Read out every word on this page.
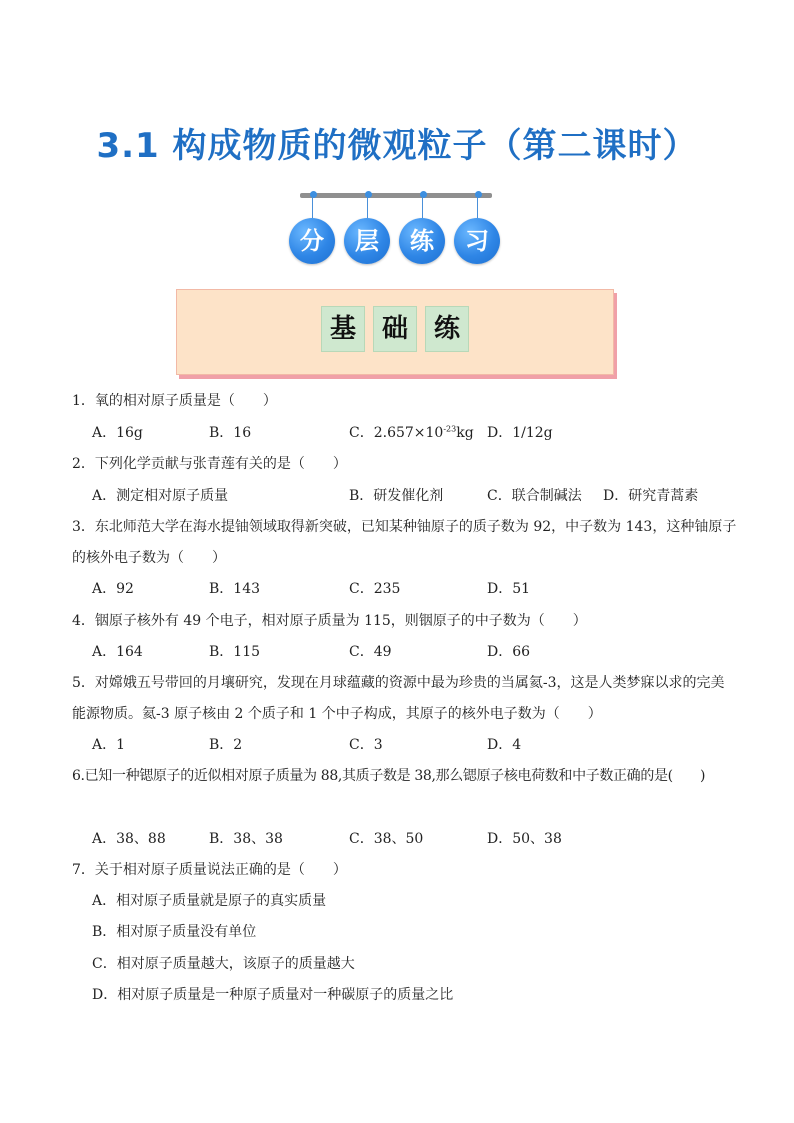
3.1 构成物质的微观粒子（第二课时）
分	层	练	习
基 础 练
1．氧的相对原子质量是（　　）
A．16g	B．16	C．$2.657\times 10^{-23}kg$ D．1/12g
2．下列化学贡献与张青莲有关的是（　　）
A．测定相对原子质量	B．研发催化剂	C．联合制碱法 D．研究青蒿素
3．东北师范大学在海水提铀领域取得新突破，已知某种铀原子的质子数为 92，中子数为 143，这种铀原子
的核外电子数为（　　）
A．92	B．143	C．235	D．51
4．铟原子核外有 49 个电子，相对原子质量为 115，则铟原子的中子数为（　　）
A．164	B．115	C．49	D．66
5．对嫦娥五号带回的月壤研究，发现在月球蕴藏的资源中最为珍贵的当属氦-3，这是人类梦寐以求的完美
能源物质。氦-3 原子核由 2 个质子和 1 个中子构成，其原子的核外电子数为（　　）
A．1	B．2	C．3	D．4
6.已知一种锶原子的近似相对原子质量为 88,其质子数是 38,那么锶原子核电荷数和中子数正确的是(　　)
A．38、88	B．38、38	C．38、50	D．50、38
7．关于相对原子质量说法正确的是（　　）
A．相对原子质量就是原子的真实质量
B．相对原子质量没有单位
C．相对原子质量越大，该原子的质量越大
D．相对原子质量是一种原子质量对一种碳原子的质量之比
